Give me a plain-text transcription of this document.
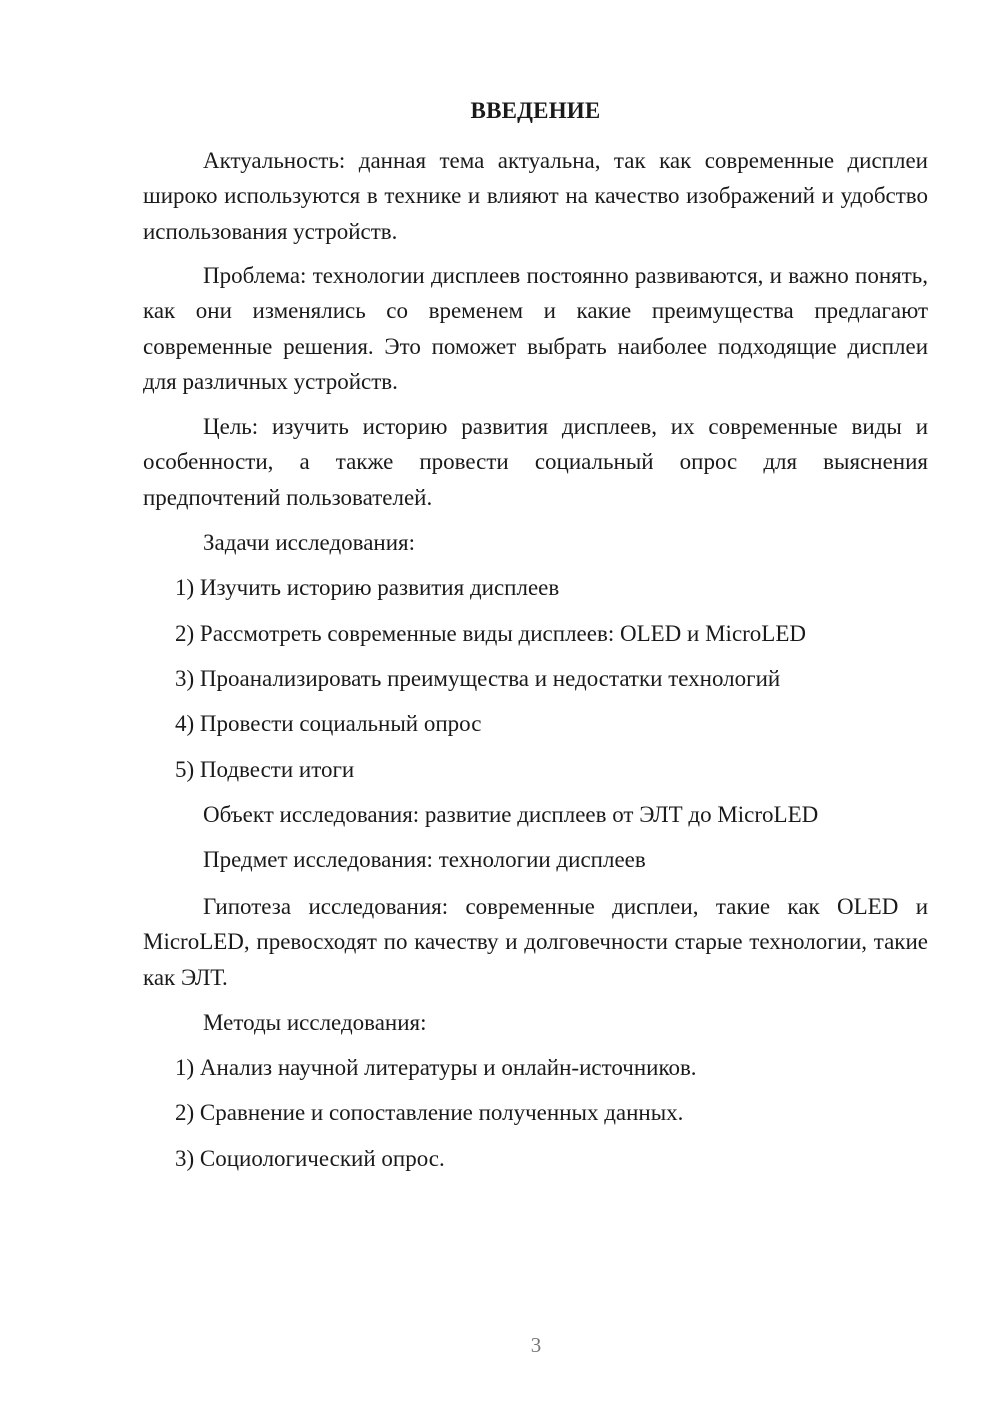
ВВЕДЕНИЕ

Актуальность: данная тема актуальна, так как современные дисплеи широко используются в технике и влияют на качество изображений и удобство использования устройств.

Проблема: технологии дисплеев постоянно развиваются, и важно понять, как они изменялись со временем и какие преимущества предлагают современные решения. Это поможет выбрать наиболее подходящие дисплеи для различных устройств.

Цель: изучить историю развития дисплеев, их современные виды и особенности, а также провести социальный опрос для выяснения предпочтений пользователей.

Задачи исследования:

1) Изучить историю развития дисплеев

2) Рассмотреть современные виды дисплеев: OLED и MicroLED

3) Проанализировать преимущества и недостатки технологий

4) Провести социальный опрос

5) Подвести итоги

Объект исследования: развитие дисплеев от ЭЛТ до MicroLED

Предмет исследования: технологии дисплеев

Гипотеза исследования: современные дисплеи, такие как OLED и MicroLED, превосходят по качеству и долговечности старые технологии, такие как ЭЛТ.

Методы исследования:

1) Анализ научной литературы и онлайн-источников.

2) Сравнение и сопоставление полученных данных.

3) Социологический опрос.

3
